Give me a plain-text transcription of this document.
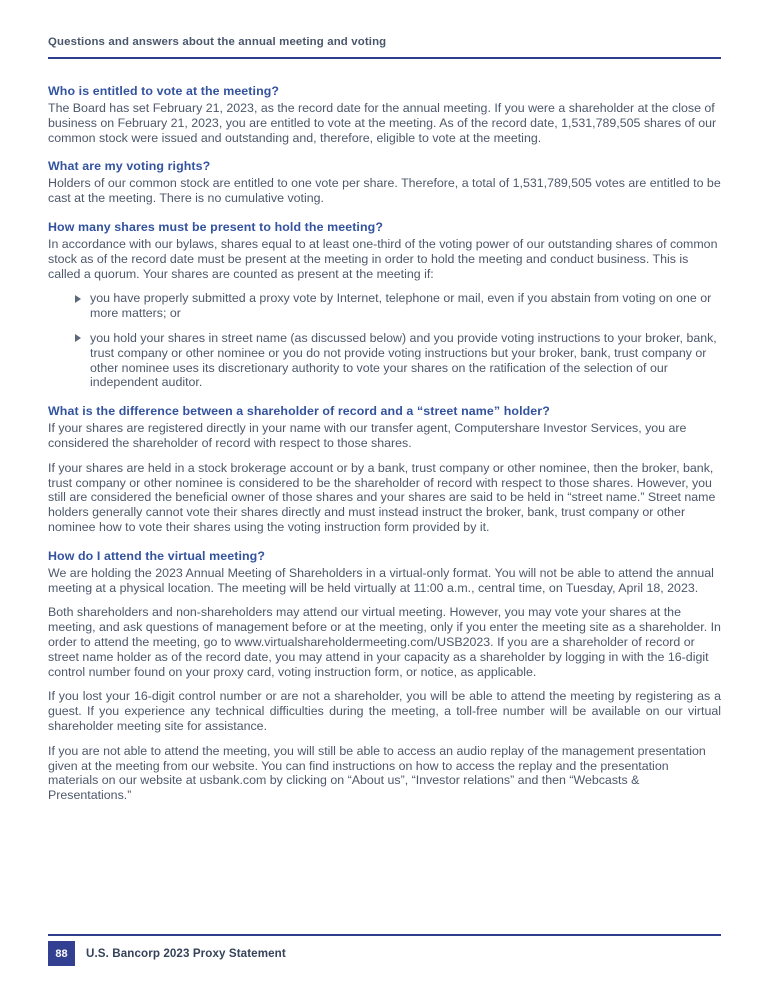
Questions and answers about the annual meeting and voting
Who is entitled to vote at the meeting?

The Board has set February 21, 2023, as the record date for the annual meeting. If you were a shareholder at the close of business on February 21, 2023, you are entitled to vote at the meeting. As of the record date, 1,531,789,505 shares of our common stock were issued and outstanding and, therefore, eligible to vote at the meeting.

What are my voting rights?

Holders of our common stock are entitled to one vote per share. Therefore, a total of 1,531,789,505 votes are entitled to be cast at the meeting. There is no cumulative voting.

How many shares must be present to hold the meeting?

In accordance with our bylaws, shares equal to at least one-third of the voting power of our outstanding shares of common stock as of the record date must be present at the meeting in order to hold the meeting and conduct business. This is called a quorum. Your shares are counted as present at the meeting if:

you have properly submitted a proxy vote by Internet, telephone or mail, even if you abstain from voting on one or more matters; or
you hold your shares in street name (as discussed below) and you provide voting instructions to your broker, bank, trust company or other nominee or you do not provide voting instructions but your broker, bank, trust company or other nominee uses its discretionary authority to vote your shares on the ratification of the selection of our independent auditor.
What is the difference between a shareholder of record and a “street name” holder?

If your shares are registered directly in your name with our transfer agent, Computershare Investor Services, you are considered the shareholder of record with respect to those shares.

If your shares are held in a stock brokerage account or by a bank, trust company or other nominee, then the broker, bank, trust company or other nominee is considered to be the shareholder of record with respect to those shares. However, you still are considered the beneficial owner of those shares and your shares are said to be held in “street name.” Street name holders generally cannot vote their shares directly and must instead instruct the broker, bank, trust company or other nominee how to vote their shares using the voting instruction form provided by it.

How do I attend the virtual meeting?

We are holding the 2023 Annual Meeting of Shareholders in a virtual-only format. You will not be able to attend the annual meeting at a physical location. The meeting will be held virtually at 11:00 a.m., central time, on Tuesday, April 18, 2023.

Both shareholders and non-shareholders may attend our virtual meeting. However, you may vote your shares at the meeting, and ask questions of management before or at the meeting, only if you enter the meeting site as a shareholder. In order to attend the meeting, go to www.virtualshareholdermeeting.com/USB2023. If you are a shareholder of record or street name holder as of the record date, you may attend in your capacity as a shareholder by logging in with the 16-digit control number found on your proxy card, voting instruction form, or notice, as applicable.

If you lost your 16-digit control number or are not a shareholder, you will be able to attend the meeting by registering as a guest. If you experience any technical difficulties during the meeting, a toll-free number will be available on our virtual shareholder meeting site for assistance.

If you are not able to attend the meeting, you will still be able to access an audio replay of the management presentation given at the meeting from our website. You can find instructions on how to access the replay and the presentation materials on our website at usbank.com by clicking on “About us”, “Investor relations” and then “Webcasts & Presentations.”

88	U.S. Bancorp 2023 Proxy Statement
